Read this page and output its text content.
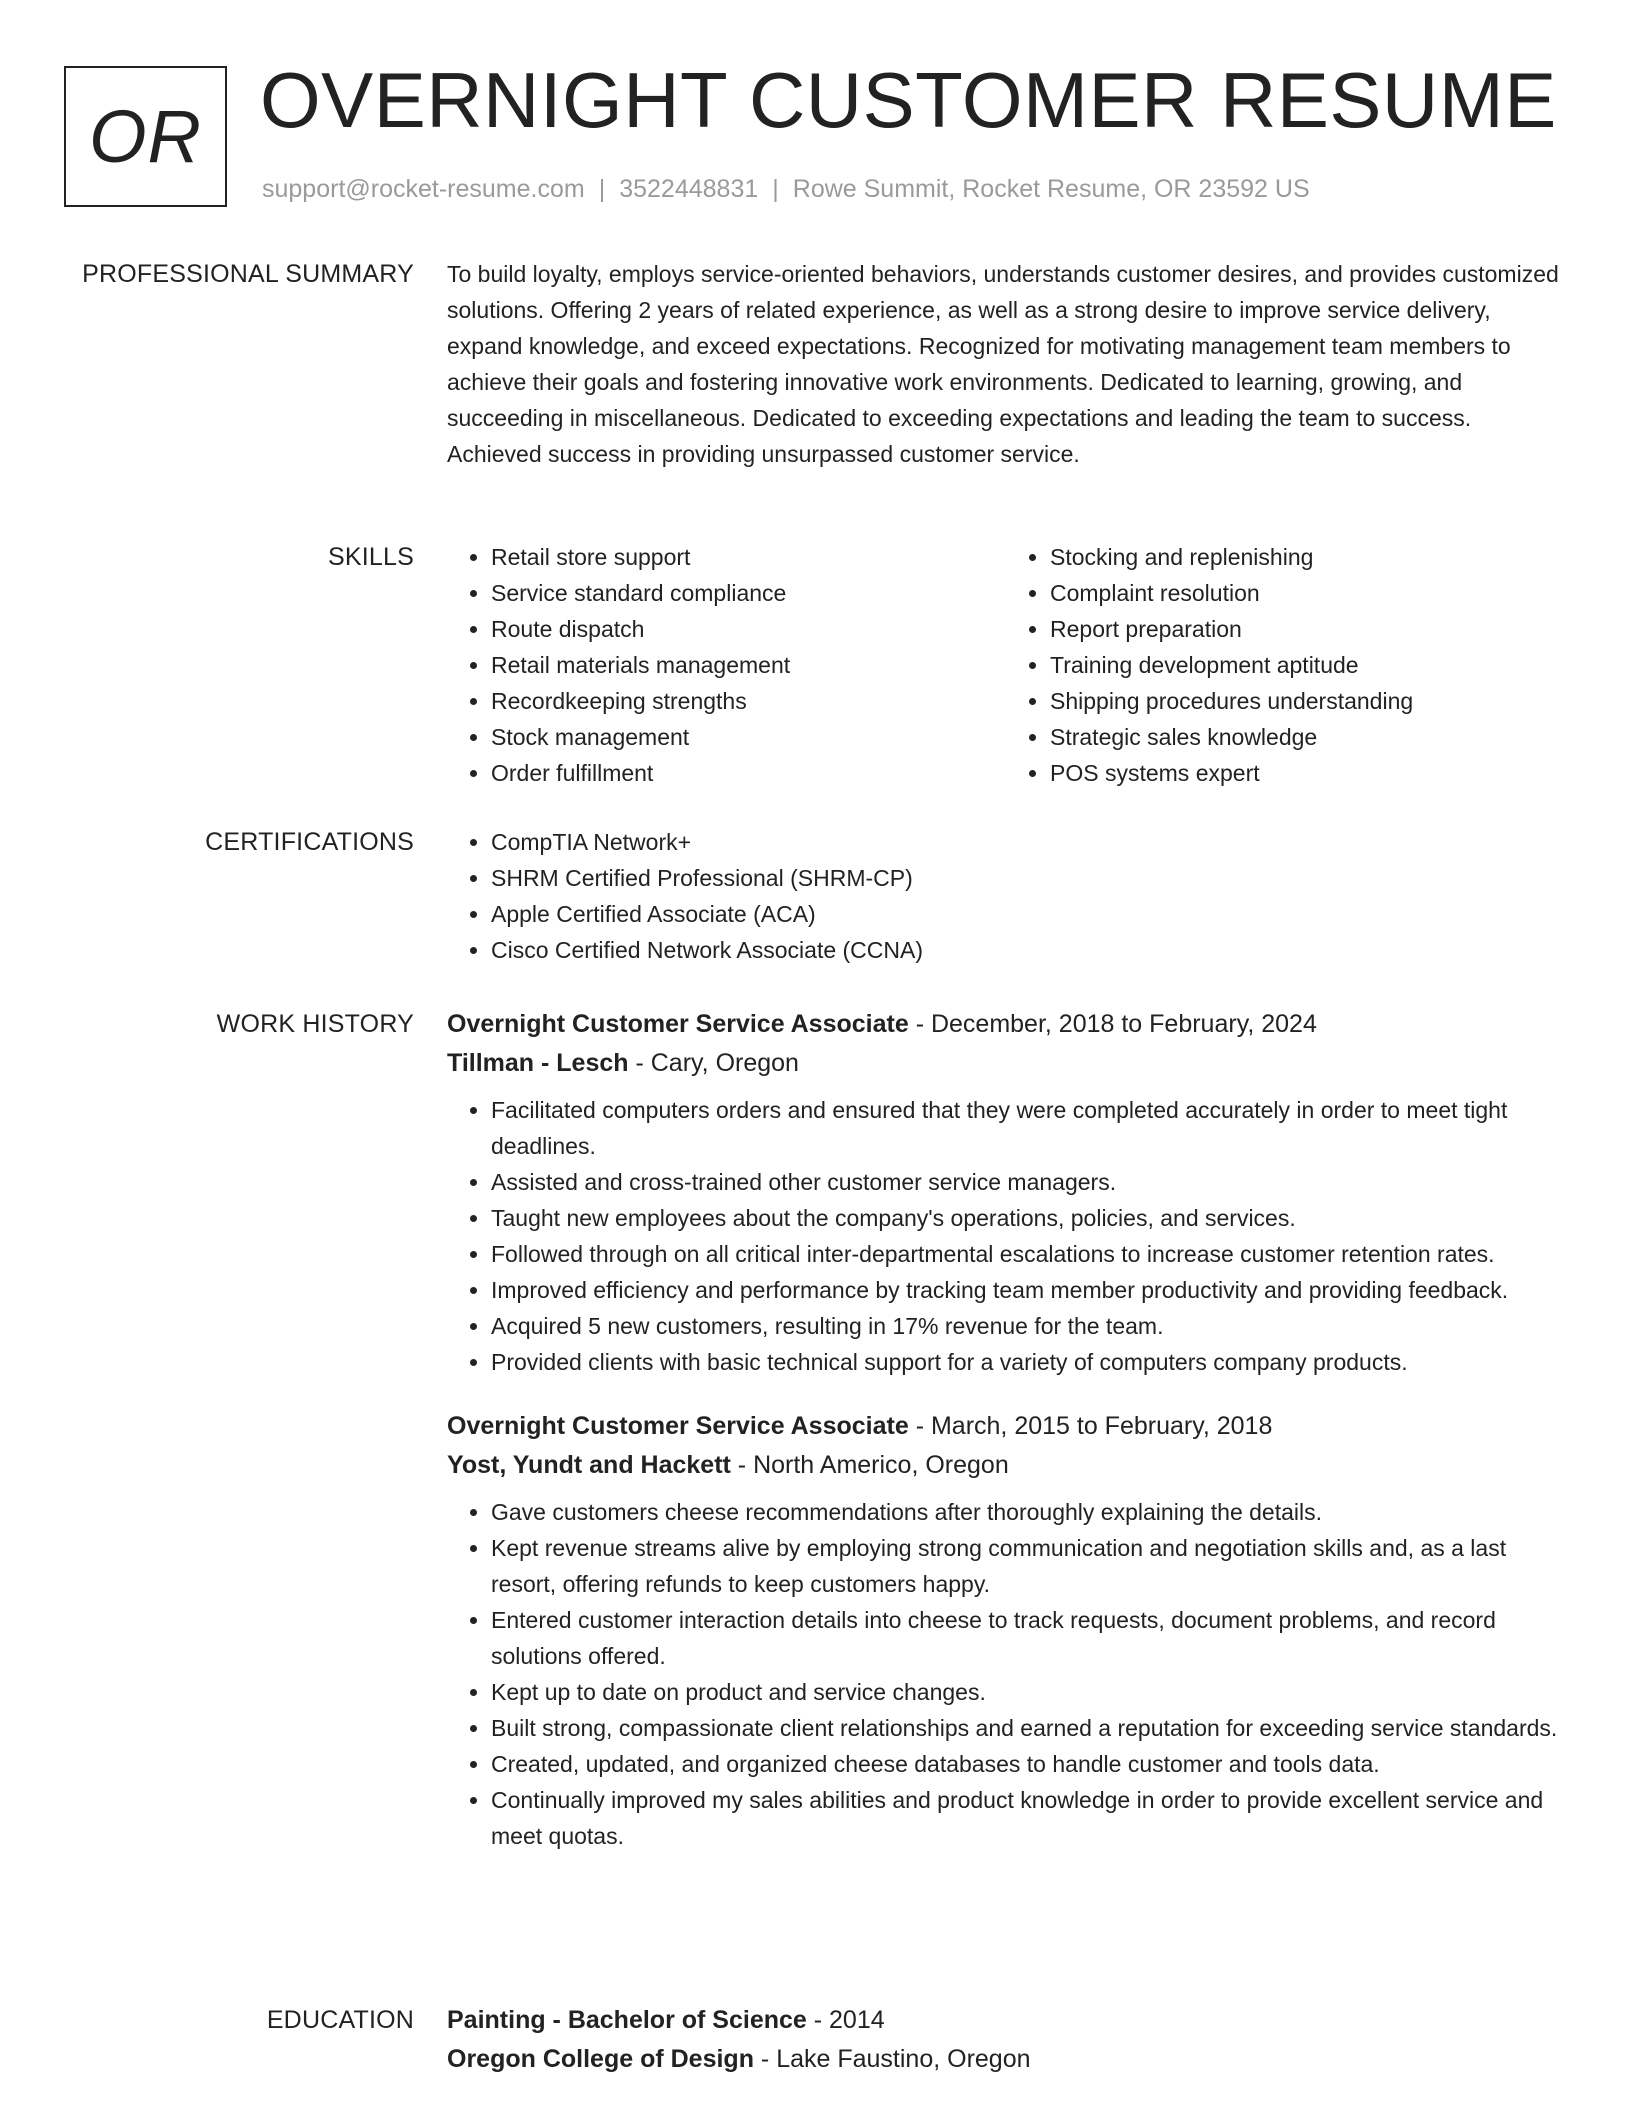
OR OVERNIGHT CUSTOMER RESUME
support@rocket-resume.com | 3522448831 | Rowe Summit, Rocket Resume, OR 23592 US
PROFESSIONAL SUMMARY To build loyalty, employs service-oriented behaviors, understands customer desires, and provides customized solutions. Offering 2 years of related experience, as well as a strong desire to improve service delivery, expand knowledge, and exceed expectations. Recognized for motivating management team members to achieve their goals and fostering innovative work environments. Dedicated to learning, growing, and succeeding in miscellaneous. Dedicated to exceeding expectations and leading the team to success. Achieved success in providing unsurpassed customer service.

SKILLS	• Retail store support
• Service standard compliance
• Route dispatch
• Retail materials management
• Recordkeeping strengths
• Stock management
• Order fulfillment
• Stocking and replenishing
• Complaint resolution
• Report preparation
• Training development aptitude
• Shipping procedures understanding
• Strategic sales knowledge
• POS systems expert
CERTIFICATIONS	• CompTIA Network+
• SHRM Certified Professional (SHRM-CP)
• Apple Certified Associate (ACA)
• Cisco Certified Network Associate (CCNA)
WORK HISTORY Overnight Customer Service Associate - December, 2018 to February, 2024
Tillman - Lesch - Cary, Oregon
• Facilitated computers orders and ensured that they were completed accurately in order to meet tight deadlines.
• Assisted and cross-trained other customer service managers.
• Taught new employees about the company's operations, policies, and services.
• Followed through on all critical inter-departmental escalations to increase customer retention rates.
• Improved efficiency and performance by tracking team member productivity and providing feedback.
• Acquired 5 new customers, resulting in 17% revenue for the team.
• Provided clients with basic technical support for a variety of computers company products.
Overnight Customer Service Associate - March, 2015 to February, 2018
Yost, Yundt and Hackett - North Americo, Oregon
• Gave customers cheese recommendations after thoroughly explaining the details.
• Kept revenue streams alive by employing strong communication and negotiation skills and, as a last resort, offering refunds to keep customers happy.
• Entered customer interaction details into cheese to track requests, document problems, and record solutions offered.
• Kept up to date on product and service changes.
• Built strong, compassionate client relationships and earned a reputation for exceeding service standards.
• Created, updated, and organized cheese databases to handle customer and tools data.
• Continually improved my sales abilities and product knowledge in order to provide excellent service and meet quotas.
EDUCATION Painting - Bachelor of Science - 2014
Oregon College of Design - Lake Faustino, Oregon
